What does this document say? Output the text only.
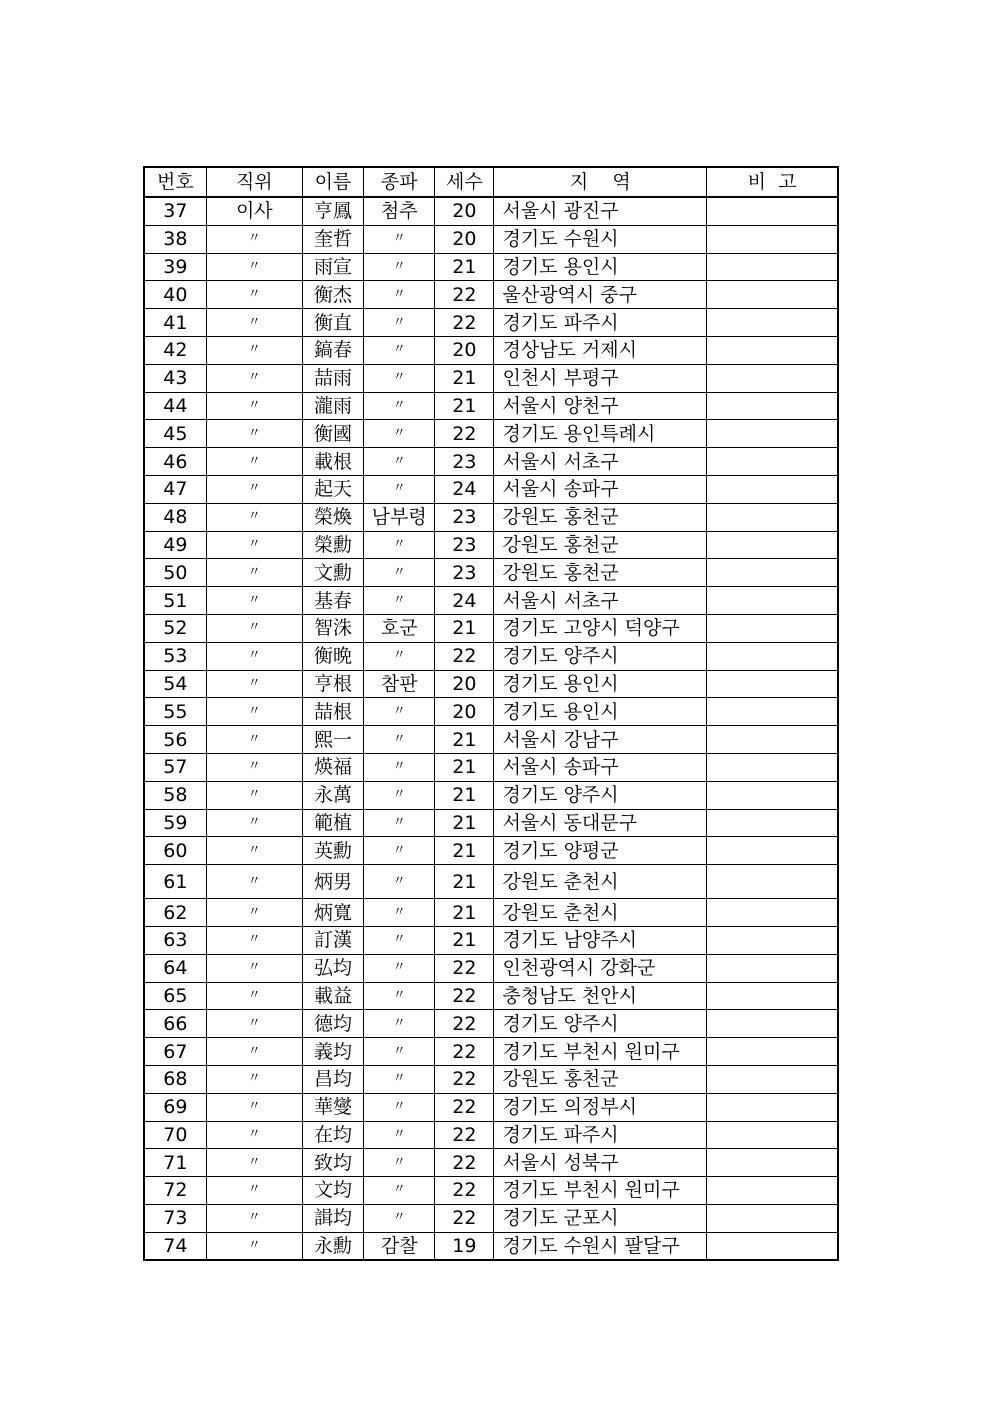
번호	직위	이름	종파	세수	지    역	비  고
37	이사	亨鳳	첨추	20	서울시 광진구	
38	〃	奎哲	〃	20	경기도 수원시	
39	〃	雨宣	〃	21	경기도 용인시	
40	〃	衡杰	〃	22	울산광역시 중구	
41	〃	衡直	〃	22	경기도 파주시	
42	〃	鎬春	〃	20	경상남도 거제시	
43	〃	喆雨	〃	21	인천시 부평구	
44	〃	瀧雨	〃	21	서울시 양천구	
45	〃	衡國	〃	22	경기도 용인특례시	
46	〃	載根	〃	23	서울시 서초구	
47	〃	起天	〃	24	서울시 송파구	
48	〃	榮煥	남부령	23	강원도 홍천군	
49	〃	榮勳	〃	23	강원도 홍천군	
50	〃	文勳	〃	23	강원도 홍천군	
51	〃	基春	〃	24	서울시 서초구	
52	〃	智洙	호군	21	경기도 고양시 덕양구	
53	〃	衡晩	〃	22	경기도 양주시	
54	〃	亨根	참판	20	경기도 용인시	
55	〃	喆根	〃	20	경기도 용인시	
56	〃	熙一	〃	21	서울시 강남구	
57	〃	煐福	〃	21	서울시 송파구	
58	〃	永萬	〃	21	경기도 양주시	
59	〃	範植	〃	21	서울시 동대문구	
60	〃	英勳	〃	21	경기도 양평군	
61	〃	炳男	〃	21	강원도 춘천시	
62	〃	炳寬	〃	21	강원도 춘천시	
63	〃	訂漢	〃	21	경기도 남양주시	
64	〃	弘均	〃	22	인천광역시 강화군	
65	〃	載益	〃	22	충청남도 천안시	
66	〃	德均	〃	22	경기도 양주시	
67	〃	義均	〃	22	경기도 부천시 원미구	
68	〃	昌均	〃	22	강원도 홍천군	
69	〃	華燮	〃	22	경기도 의정부시	
70	〃	在均	〃	22	경기도 파주시	
71	〃	致均	〃	22	서울시 성북구	
72	〃	文均	〃	22	경기도 부천시 원미구	
73	〃	諿均	〃	22	경기도 군포시	
74	〃	永勳	감찰	19	경기도 수원시 팔달구	
